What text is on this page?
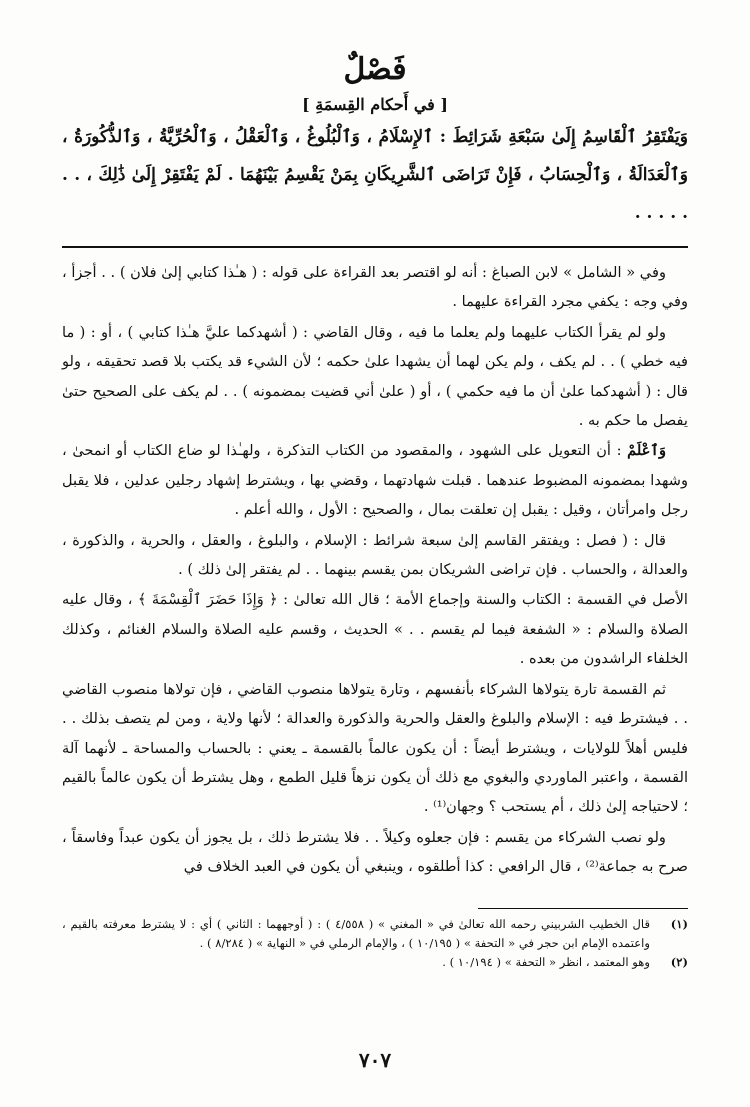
فَصْلٌ
[ في أَحكام القِسمَةِ ]
وَيَفْتَقِرُ ٱلْقَاسِمُ إِلَىٰ سَبْعَةِ شَرَائِطَ : ٱلإِسْلَامُ ، وَٱلْبُلُوغُ ، وَٱلْعَقْلُ ، وَٱلْحُرِّيَّةُ ، وَٱلذُّكُورَةُ ، وَٱلْعَدَالَةُ ، وَٱلْحِسَابُ ، فَإِنْ تَرَاضَى ٱلشَّرِيكَانِ بِمَنْ يَقْسِمُ بَيْنَهُمَا . لَمْ يَفْتَقِرْ إِلَىٰ ذَٰلِكَ ، . . . . . . .

وفي « الشامل » لابن الصباغ : أنه لو اقتصر بعد القراءة على قوله : ( هـٰذا كتابي إلىٰ فلان ) . . أجزأ ، وفي وجه : يكفي مجرد القراءة عليهما .

ولو لم يقرأ الكتاب عليهما ولم يعلما ما فيه ، وقال القاضي : ( أشهدكما عليَّ هـٰذا كتابي ) ، أو : ( ما فيه خطي ) . . لم يكف ، ولم يكن لهما أن يشهدا علىٰ حكمه ؛ لأن الشيء قد يكتب بلا قصد تحقيقه ، ولو قال : ( أشهدكما علىٰ أن ما فيه حكمي ) ، أو ( علىٰ أني قضيت بمضمونه ) . . لم يكف على الصحيح حتىٰ يفصل ما حكم به .

وَٱعْلَمْ : أن التعويل على الشهود ، والمقصود من الكتاب التذكرة ، ولهـٰذا لو ضاع الكتاب أو انمحىٰ ، وشهدا بمضمونه المضبوط عندهما . قبلت شهادتهما ، وقضي بها ، ويشترط إشهاد رجلين عدلين ، فلا يقبل رجل وامرأتان ، وقيل : يقبل إن تعلقت بمال ، والصحيح : الأول ، والله أعلم .

قال : ( فصل : ويفتقر القاسم إلىٰ سبعة شرائط : الإسلام ، والبلوغ ، والعقل ، والحرية ، والذكورة ، والعدالة ، والحساب . فإن تراضى الشريكان بمن يقسم بينهما . . لم يفتقر إلىٰ ذلك ) .

الأصل في القسمة : الكتاب والسنة وإجماع الأمة ؛ قال الله تعالىٰ : ﴿ وَإِذَا حَضَرَ ٱلْقِسْمَةَ ﴾ ، وقال عليه الصلاة والسلام : « الشفعة فيما لم يقسم . . » الحديث ، وقسم عليه الصلاة والسلام الغنائم ، وكذلك الخلفاء الراشدون من بعده .

ثم القسمة تارة يتولاها الشركاء بأنفسهم ، وتارة يتولاها منصوب القاضي ، فإن تولاها منصوب القاضي . . فيشترط فيه : الإسلام والبلوغ والعقل والحرية والذكورة والعدالة ؛ لأنها ولاية ، ومن لم يتصف بذلك . . فليس أهلاً للولايات ، ويشترط أيضاً : أن يكون عالماً بالقسمة ـ يعني : بالحساب والمساحة ـ لأنهما آلة القسمة ، واعتبر الماوردي والبغوي مع ذلك أن يكون نزهاً قليل الطمع ، وهل يشترط أن يكون عالماً بالقيم ؛ لاحتياجه إلىٰ ذلك ، أم يستحب ؟ وجهان⁽¹⁾ .

ولو نصب الشركاء من يقسم : فإن جعلوه وكيلاً . . فلا يشترط ذلك ، بل يجوز أن يكون عبداً وفاسقاً ، صرح به جماعة⁽²⁾ ، قال الرافعي : كذا أطلقوه ، وينبغي أن يكون في العبد الخلاف في

(١)
قال الخطيب الشربيني رحمه الله تعالىٰ في « المغني » ( ٤/٥٥٨ ) : ( أوجههما : الثاني ) أي : لا يشترط معرفته بالقيم ، واعتمده الإمام ابن حجر في « التحفة » ( ١٠/١٩٥ ) ، والإمام الرملي في « النهاية » ( ٨/٢٨٤ ) .
(٢)
وهو المعتمد ، انظر « التحفة » ( ١٠/١٩٤ ) .
٧٠٧
